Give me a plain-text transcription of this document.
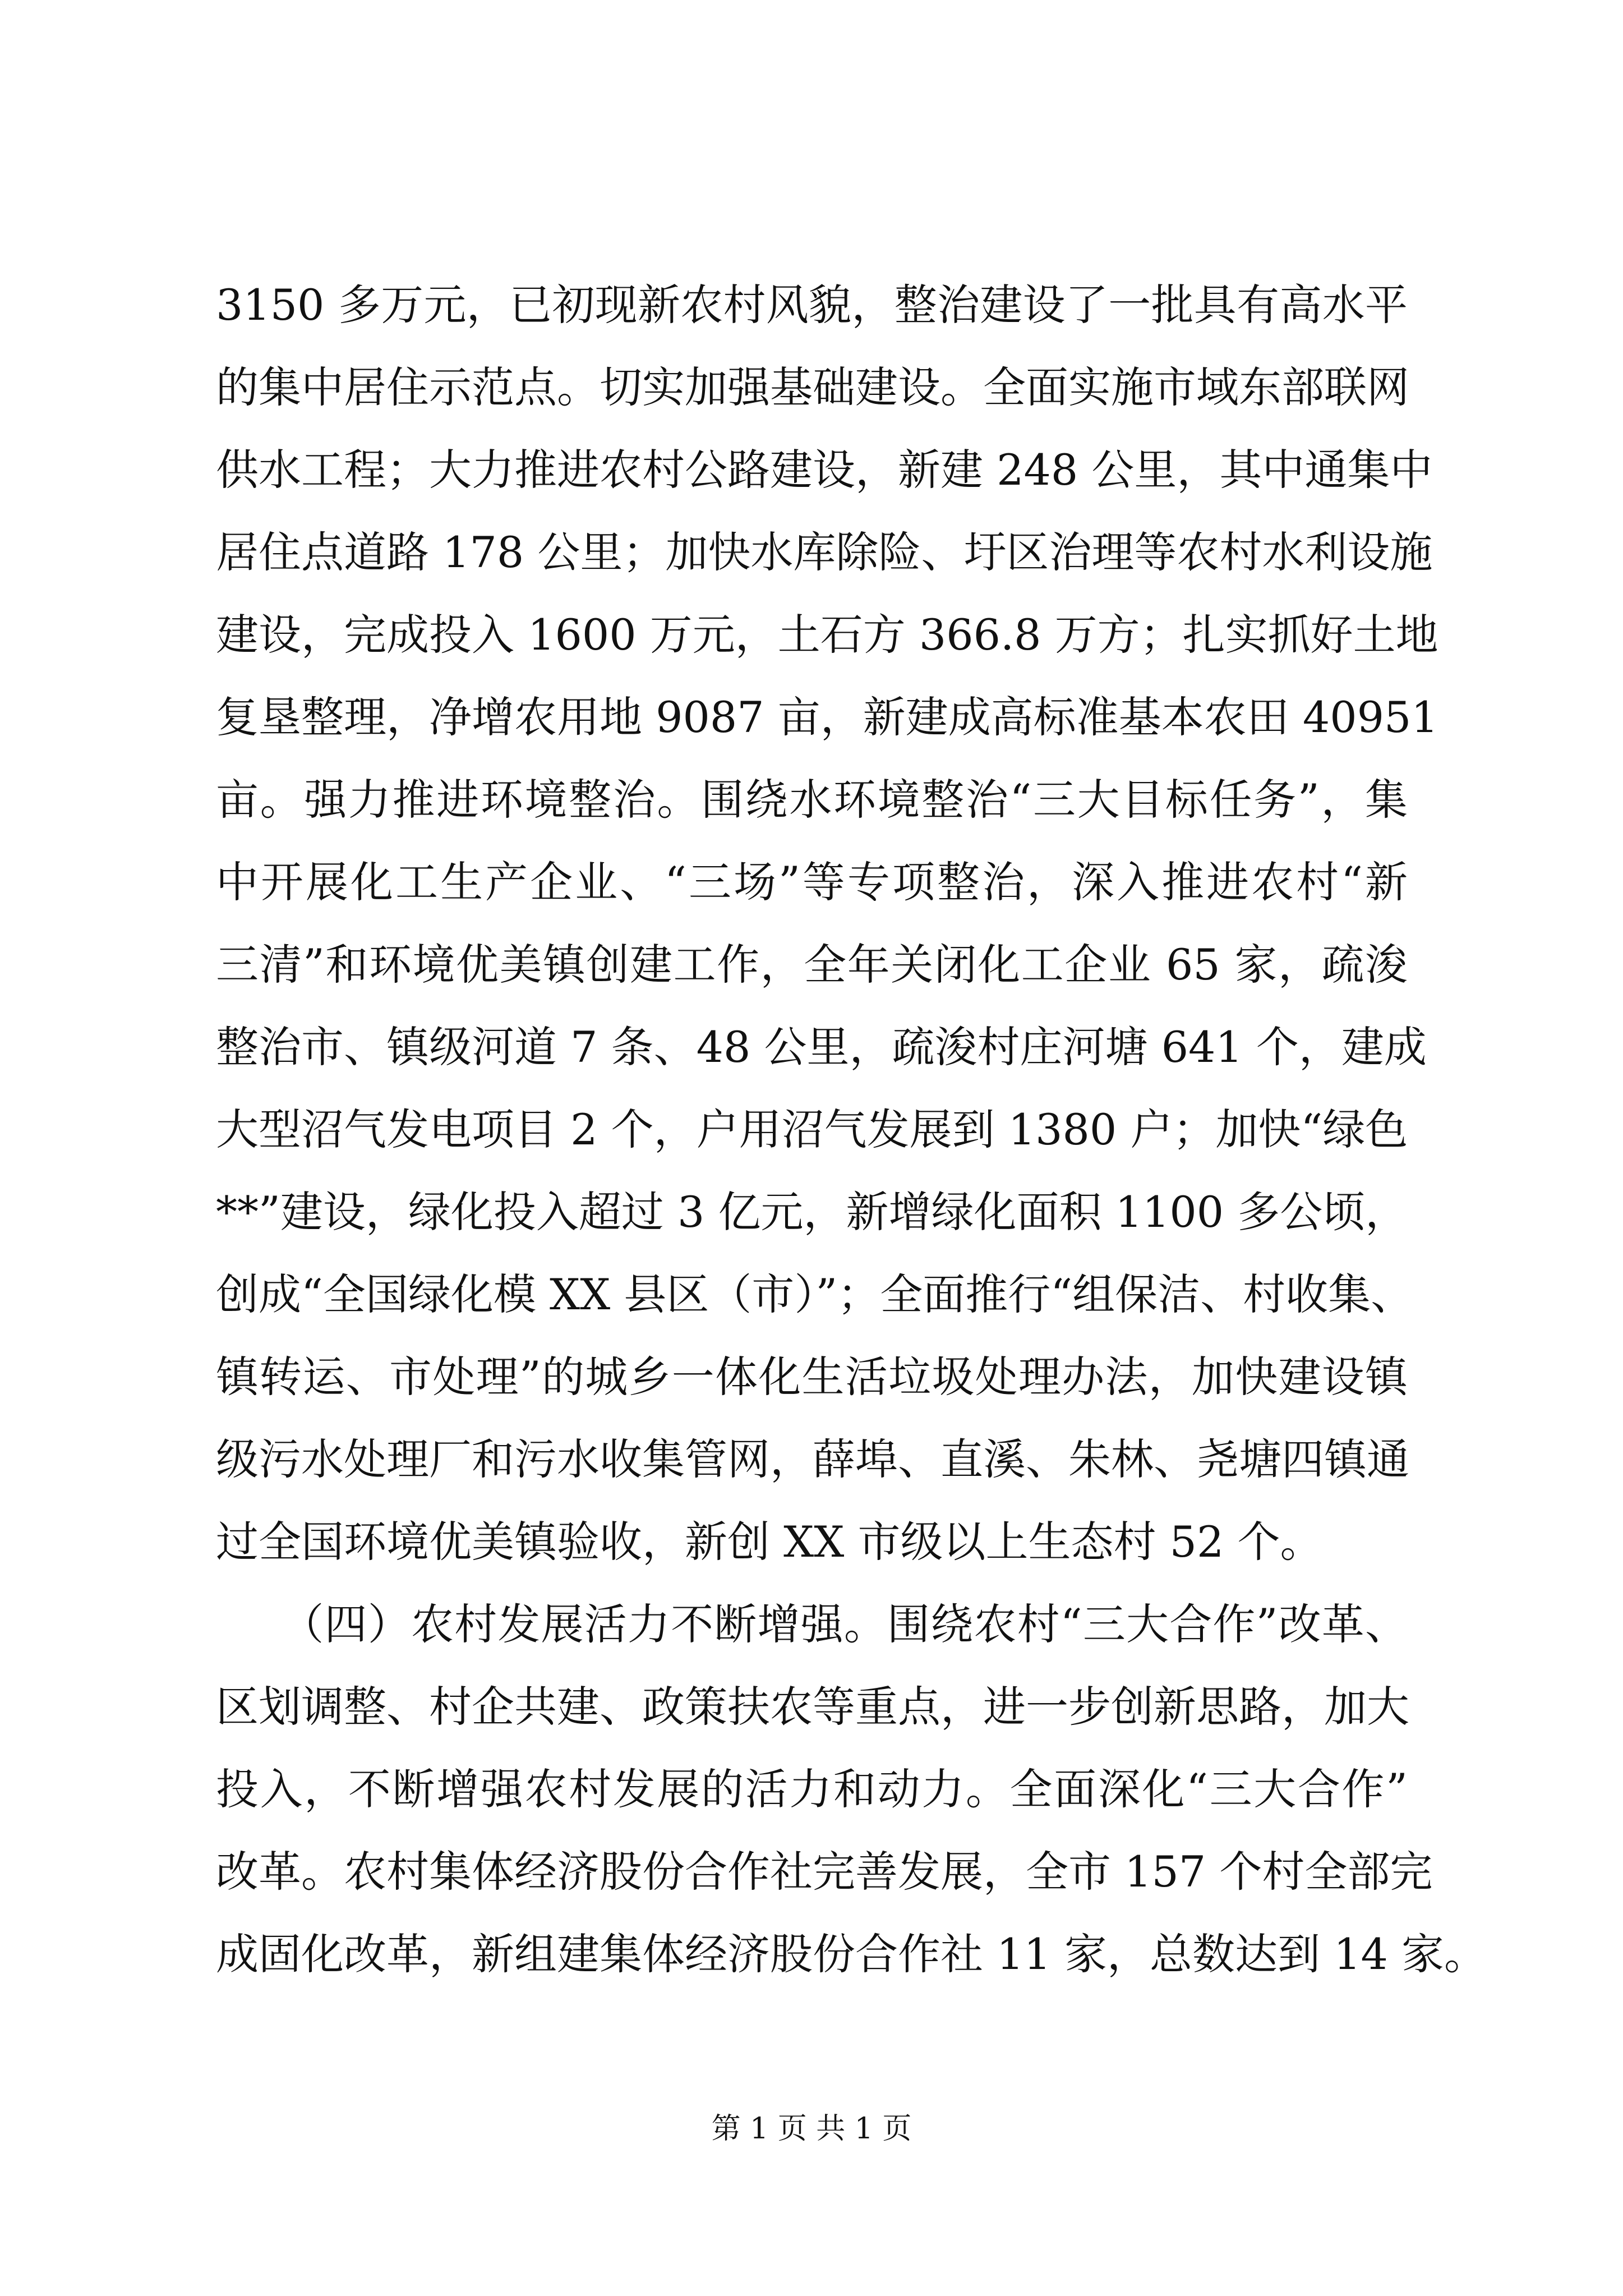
3150 多万元，已初现新农村风貌，整治建设了一批具有高水平
的集中居住示范点。切实加强基础建设。全面实施市域东部联网
供水工程；大力推进农村公路建设，新建 248 公里，其中通集中
居住点道路 178 公里；加快水库除险、圩区治理等农村水利设施
建设，完成投入 1600 万元，土石方 366.8 万方；扎实抓好土地
复垦整理，净增农用地 9087 亩，新建成高标准基本农田 40951
亩。强力推进环境整治。围绕水环境整治“三大目标任务”，集
中开展化工生产企业、“三场”等专项整治，深入推进农村“新
三清”和环境优美镇创建工作，全年关闭化工企业 65 家，疏浚
整治市、镇级河道 7 条、48 公里，疏浚村庄河塘 641 个，建成
大型沼气发电项目 2 个，户用沼气发展到 1380 户；加快“绿色
**”建设，绿化投入超过 3 亿元，新增绿化面积 1100 多公顷，
创成“全国绿化模 XX 县区（市）”；全面推行“组保洁、村收集、
镇转运、市处理”的城乡一体化生活垃圾处理办法，加快建设镇
级污水处理厂和污水收集管网，薛埠、直溪、朱林、尧塘四镇通
过全国环境优美镇验收，新创 XX 市级以上生态村 52 个。
　　（四）农村发展活力不断增强。围绕农村“三大合作”改革、
区划调整、村企共建、政策扶农等重点，进一步创新思路，加大
投入，不断增强农村发展的活力和动力。全面深化“三大合作”
改革。农村集体经济股份合作社完善发展，全市 157 个村全部完
成固化改革，新组建集体经济股份合作社 11 家，总数达到 14 家。
第 1 页 共 1 页
